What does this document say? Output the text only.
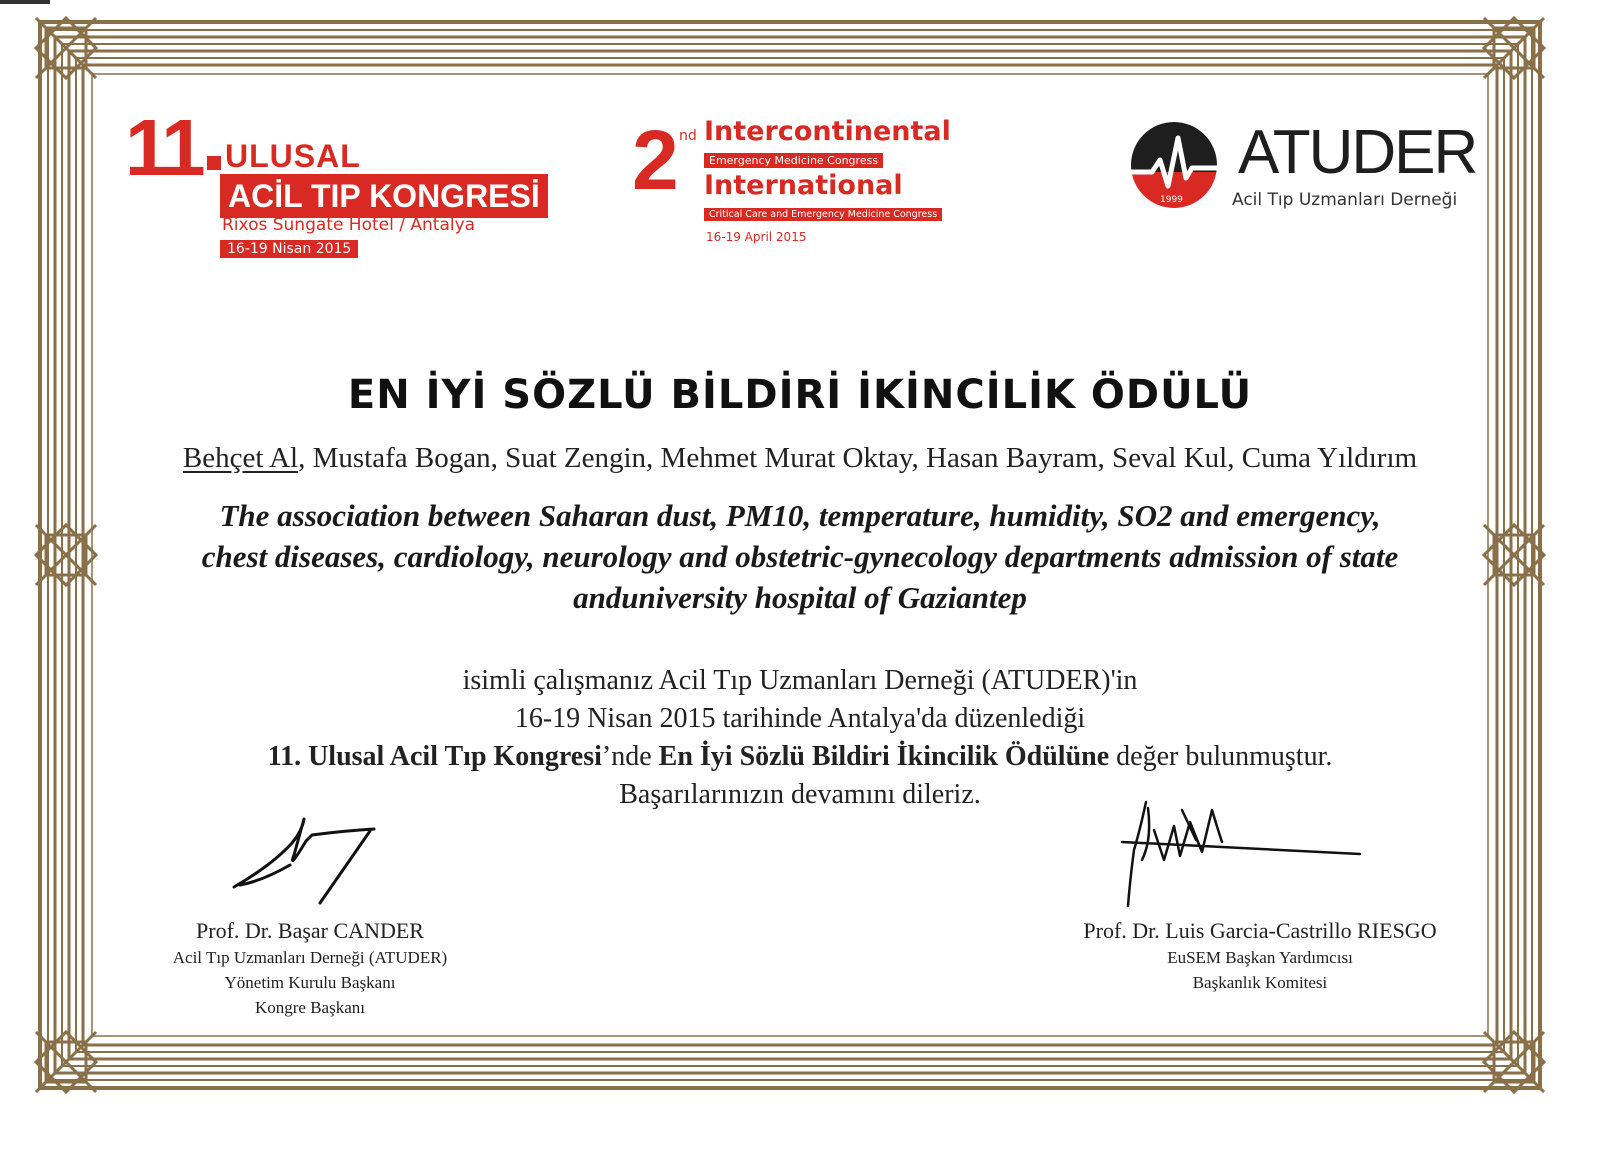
11 ULUSAL
ACİL TIP KONGRESİ
Rixos Sungate Hotel / Antalya
16-19 Nisan 2015
2 nd Intercontinental
Emergency Medicine Congress
International
Critical Care and Emergency Medicine Congress
16-19 April 2015
1999
ATUDER
Acil Tıp Uzmanları Derneği
EN İYİ SÖZLÜ BİLDİRİ İKİNCİLİK ÖDÜLÜ
Behçet Al, Mustafa Bogan, Suat Zengin, Mehmet Murat Oktay, Hasan Bayram, Seval Kul, Cuma Yıldırım
The association between Saharan dust, PM10, temperature, humidity, SO2 and emergency, chest diseases, cardiology, neurology and obstetric-gynecology departments admission of state anduniversity hospital of Gaziantep
isimli çalışmanız Acil Tıp Uzmanları Derneği (ATUDER)'in
16-19 Nisan 2015 tarihinde Antalya'da düzenlediği
11. Ulusal Acil Tıp Kongresi’nde En İyi Sözlü Bildiri İkincilik Ödülüne değer bulunmuştur.
Başarılarınızın devamını dileriz.
Prof. Dr. Başar CANDER
Acil Tıp Uzmanları Derneği (ATUDER)
Yönetim Kurulu Başkanı
Kongre Başkanı
Prof. Dr. Luis Garcia-Castrillo RIESGO
EuSEM Başkan Yardımcısı
Başkanlık Komitesi
